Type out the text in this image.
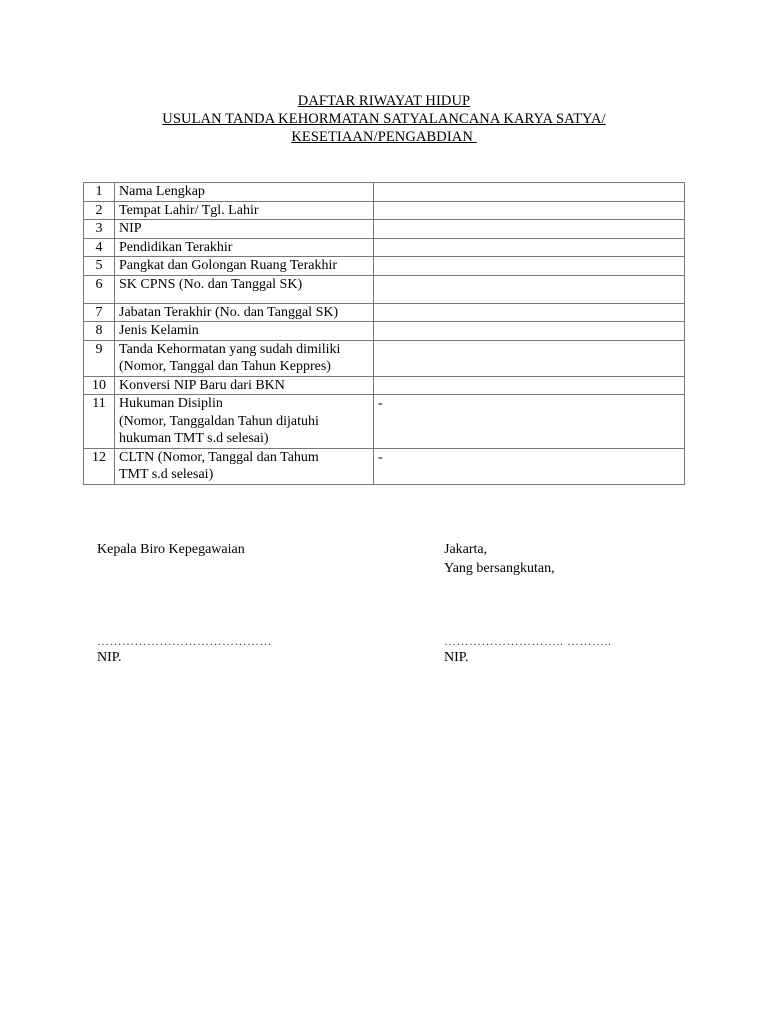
DAFTAR RIWAYAT HIDUP
USULAN TANDA KEHORMATAN SATYALANCANA KARYA SATYA/
KESETIAAN/PENGABDIAN
1	Nama Lengkap	
2	Tempat Lahir/ Tgl. Lahir	
3	NIP	
4	Pendidikan Terakhir	
5	Pangkat dan Golongan Ruang Terakhir	
6	SK CPNS (No. dan Tanggal SK)	
7	Jabatan Terakhir (No. dan Tanggal SK)	
8	Jenis Kelamin	
9	Tanda Kehormatan yang sudah dimiliki
(Nomor, Tanggal dan Tahun Keppres)	

10	Konversi NIP Baru dari BKN	
11	Hukuman Disiplin
(Nomor, Tanggaldan Tahun dijatuhi
hukuman TMT s.d selesai)	-
12	CLTN (Nomor, Tanggal dan Tahum
TMT s.d selesai)	-
Kepala Biro Kepegawaian
……………………………………
NIP.
Jakarta,
Yang bersangkutan,
……………………….. ………..
NIP.
